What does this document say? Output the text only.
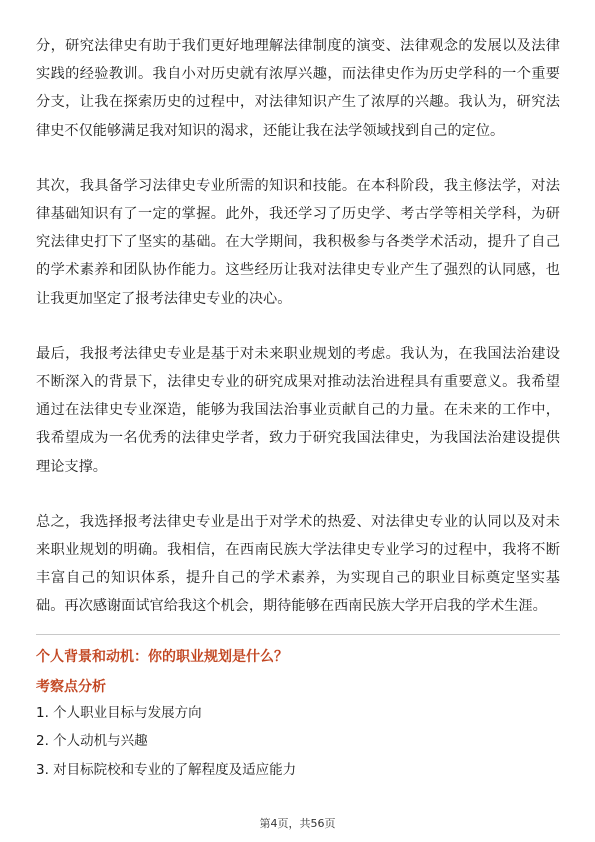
分，研究法律史有助于我们更好地理解法律制度的演变、法律观念的发展以及法律实践的经验教训。我自小对历史就有浓厚兴趣，而法律史作为历史学科的一个重要分支，让我在探索历史的过程中，对法律知识产生了浓厚的兴趣。我认为，研究法律史不仅能够满足我对知识的渴求，还能让我在法学领域找到自己的定位。

其次，我具备学习法律史专业所需的知识和技能。在本科阶段，我主修法学，对法律基础知识有了一定的掌握。此外，我还学习了历史学、考古学等相关学科，为研究法律史打下了坚实的基础。在大学期间，我积极参与各类学术活动，提升了自己的学术素养和团队协作能力。这些经历让我对法律史专业产生了强烈的认同感，也让我更加坚定了报考法律史专业的决心。

最后，我报考法律史专业是基于对未来职业规划的考虑。我认为，在我国法治建设不断深入的背景下，法律史专业的研究成果对推动法治进程具有重要意义。我希望通过在法律史专业深造，能够为我国法治事业贡献自己的力量。在未来的工作中，我希望成为一名优秀的法律史学者，致力于研究我国法律史，为我国法治建设提供理论支撑。

总之，我选择报考法律史专业是出于对学术的热爱、对法律史专业的认同以及对未来职业规划的明确。我相信，在西南民族大学法律史专业学习的过程中，我将不断丰富自己的知识体系，提升自己的学术素养，为实现自己的职业目标奠定坚实基础。再次感谢面试官给我这个机会，期待能够在西南民族大学开启我的学术生涯。

个人背景和动机：你的职业规划是什么？
考察点分析
1. 个人职业目标与发展方向
2. 个人动机与兴趣
3. 对目标院校和专业的了解程度及适应能力
第4页，共56页
